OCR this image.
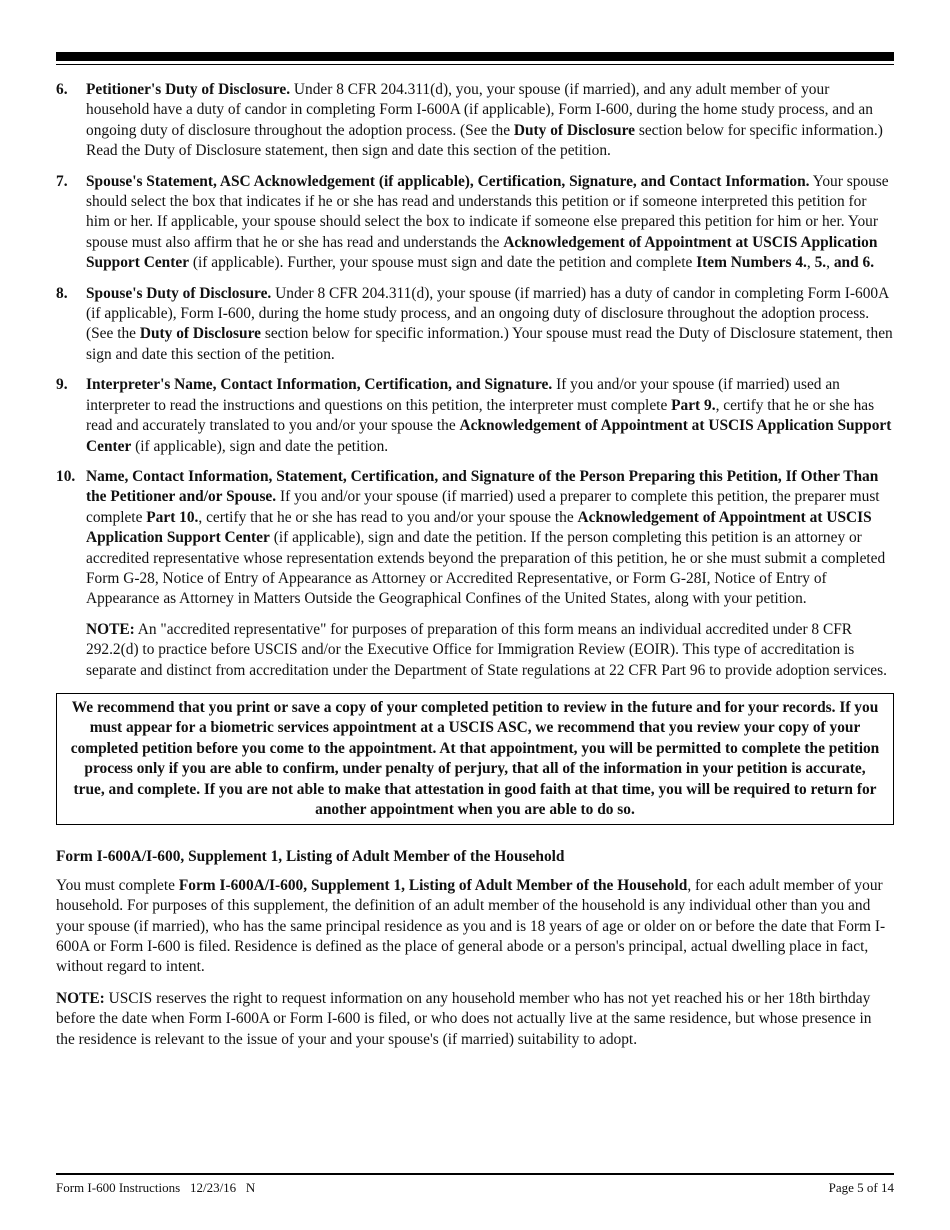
6.	Petitioner's Duty of Disclosure. Under 8 CFR 204.311(d), you, your spouse (if married), and any adult member of your household have a duty of candor in completing Form I-600A (if applicable), Form I-600, during the home study process, and an ongoing duty of disclosure throughout the adoption process. (See the Duty of Disclosure section below for specific information.) Read the Duty of Disclosure statement, then sign and date this section of the petition.
7.	Spouse's Statement, ASC Acknowledgement (if applicable), Certification, Signature, and Contact Information. Your spouse should select the box that indicates if he or she has read and understands this petition or if someone interpreted this petition for him or her. If applicable, your spouse should select the box to indicate if someone else prepared this petition for him or her. Your spouse must also affirm that he or she has read and understands the Acknowledgement of Appointment at USCIS Application Support Center (if applicable). Further, your spouse must sign and date the petition and complete Item Numbers 4., 5., and 6.
8.	Spouse's Duty of Disclosure. Under 8 CFR 204.311(d), your spouse (if married) has a duty of candor in completing Form I-600A (if applicable), Form I-600, during the home study process, and an ongoing duty of disclosure throughout the adoption process. (See the Duty of Disclosure section below for specific information.) Your spouse must read the Duty of Disclosure statement, then sign and date this section of the petition.
9.	Interpreter's Name, Contact Information, Certification, and Signature. If you and/or your spouse (if married) used an interpreter to read the instructions and questions on this petition, the interpreter must complete Part 9., certify that he or she has read and accurately translated to you and/or your spouse the Acknowledgement of Appointment at USCIS Application Support Center (if applicable), sign and date the petition.
10. Name, Contact Information, Statement, Certification, and Signature of the Person Preparing this Petition, If Other Than the Petitioner and/or Spouse. If you and/or your spouse (if married) used a preparer to complete this petition, the preparer must complete Part 10., certify that he or she has read to you and/or your spouse the Acknowledgement of Appointment at USCIS Application Support Center (if applicable), sign and date the petition. If the person completing this petition is an attorney or accredited representative whose representation extends beyond the preparation of this petition, he or she must submit a completed Form G-28, Notice of Entry of Appearance as Attorney or Accredited Representative, or Form G-28I, Notice of Entry of Appearance as Attorney in Matters Outside the Geographical Confines of the United States, along with your petition.

NOTE: An "accredited representative" for purposes of preparation of this form means an individual accredited under 8 CFR 292.2(d) to practice before USCIS and/or the Executive Office for Immigration Review (EOIR). This type of accreditation is separate and distinct from accreditation under the Department of State regulations at 22 CFR Part 96 to provide adoption services.

We recommend that you print or save a copy of your completed petition to review in the future and for your records. If you must appear for a biometric services appointment at a USCIS ASC, we recommend that you review your copy of your completed petition before you come to the appointment. At that appointment, you will be permitted to complete the petition process only if you are able to confirm, under penalty of perjury, that all of the information in your petition is accurate, true, and complete. If you are not able to make that attestation in good faith at that time, you will be required to return for another appointment when you are able to do so.

Form I-600A/I-600, Supplement 1, Listing of Adult Member of the Household

You must complete Form I-600A/I-600, Supplement 1, Listing of Adult Member of the Household, for each adult member of your household. For purposes of this supplement, the definition of an adult member of the household is any individual other than you and your spouse (if married), who has the same principal residence as you and is 18 years of age or older on or before the date that Form I-600A or Form I-600 is filed. Residence is defined as the place of general abode or a person's principal, actual dwelling place in fact, without regard to intent.

NOTE: USCIS reserves the right to request information on any household member who has not yet reached his or her 18th birthday before the date when Form I-600A or Form I-600 is filed, or who does not actually live at the same residence, but whose presence in the residence is relevant to the issue of your and your spouse's (if married) suitability to adopt.

Form I-600 Instructions   12/23/16   N	Page 5 of 14
